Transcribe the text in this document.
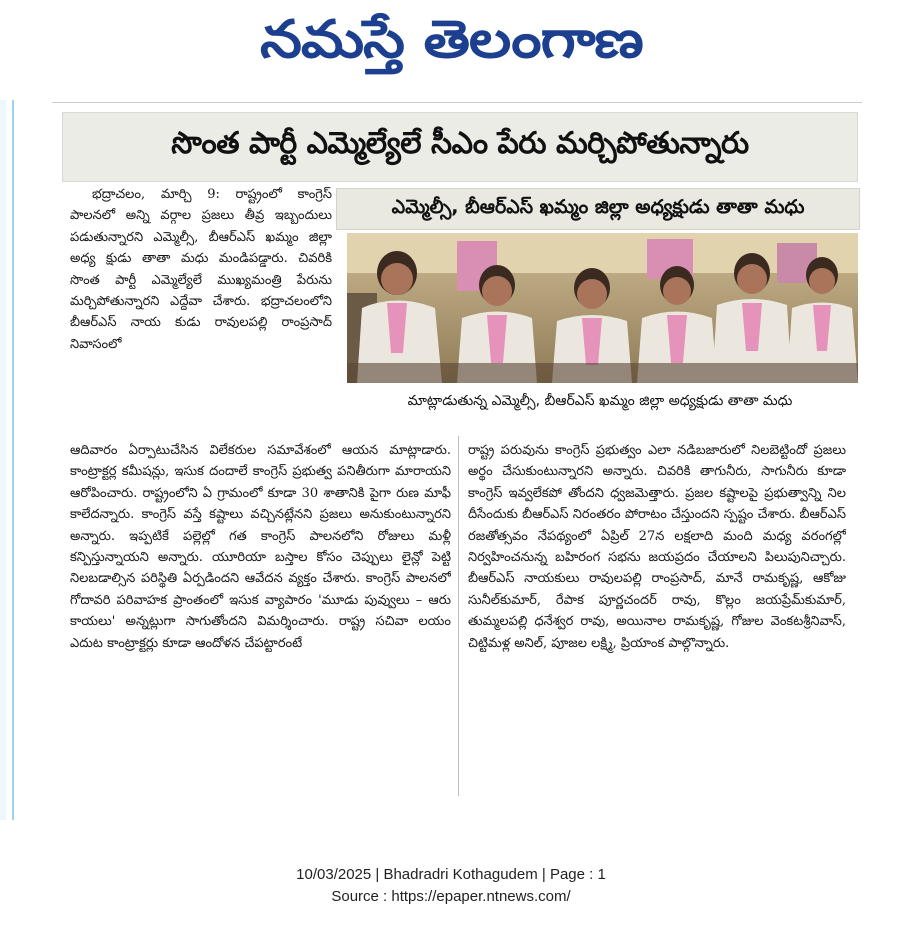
నమస్తే తెలంగాణ
సొంత పార్టీ ఎమ్మెల్యేలే సీఎం పేరు మర్చిపోతున్నారు

భద్రాచలం, మార్చి 9: రాష్ట్రంలో కాంగ్రెస్ పాలనలో అన్ని వర్గాల ప్రజలు తీవ్ర ఇబ్బందులు పడుతున్నారని ఎమ్మెల్సీ, బీఆర్ఎస్ ఖమ్మం జిల్లా అధ్య క్షుడు తాతా మధు మండిపడ్డారు. చివరికి సొంత పార్టీ ఎమ్మెల్యేలే ముఖ్యమంత్రి పేరును మర్చిపోతున్నారని ఎద్దేవా చేశారు. భద్రాచలంలోని బీఆర్ఎస్ నాయ కుడు రావులపల్లి రాంప్రసాద్ నివాసంలో

ఎమ్మెల్సీ, బీఆర్ఎస్ ఖమ్మం జిల్లా అధ్యక్షుడు తాతా మధు
మాట్లాడుతున్న ఎమ్మెల్సీ, బీఆర్ఎస్ ఖమ్మం జిల్లా అధ్యక్షుడు తాతా మధు

ఆదివారం ఏర్పాటుచేసిన విలేకరుల సమావేశంలో ఆయన మాట్లాడారు. కాంట్రాక్టర్ల కమీషన్లు, ఇసుక దందాలే కాంగ్రెస్ ప్రభుత్వ పనితీరుగా మారాయని ఆరోపించారు. రాష్ట్రంలోని ఏ గ్రామంలో కూడా 30 శాతానికి పైగా రుణ మాఫీ కాలేదన్నారు. కాంగ్రెస్ వస్తే కష్టాలు వచ్చినట్లేనని ప్రజలు అనుకుంటున్నారని అన్నారు. ఇప్పటికే పల్లెల్లో గత కాంగ్రెస్ పాలనలోని రోజులు మళ్లీ కన్పిస్తున్నాయని అన్నారు. యూరియా బస్తాల కోసం చెప్పులు లైన్లో పెట్టి నిలబడాల్సిన పరిస్థితి ఏర్పడిందని ఆవేదన వ్యక్తం చేశారు. కాంగ్రెస్ పాలనలో గోదావరి పరివాహక ప్రాంతంలో ఇసుక వ్యాపారం 'మూడు పువ్వులు – ఆరు కాయలు' అన్నట్లుగా సాగుతోందని విమర్శించారు. రాష్ట్ర సచివా లయం ఎదుట కాంట్రాక్టర్లు కూడా ఆందోళన చేపట్టారంటే

రాష్ట్ర పరువును కాంగ్రెస్ ప్రభుత్వం ఎలా నడిబజారులో నిలబెట్టిందో ప్రజలు అర్థం చేసుకుంటున్నారని అన్నారు. చివరికి తాగునీరు, సాగునీరు కూడా కాంగ్రెస్ ఇవ్వలేకపో తోందని ధ్వజమెత్తారు. ప్రజల కష్టాలపై ప్రభుత్వాన్ని నిల దీసేందుకు బీఆర్ఎస్ నిరంతరం పోరాటం చేస్తుందని స్పష్టం చేశారు. బీఆర్ఎస్ రజతోత్సవం నేపథ్యంలో ఏప్రిల్ 27న లక్షలాది మంది మధ్య వరంగల్లో నిర్వహించనున్న బహిరంగ సభను జయప్రదం చేయాలని పిలుపునిచ్చారు. బీఆర్ఎస్ నాయకులు రావులపల్లి రాంప్రసాద్, మానే రామకృష్ణ, ఆకోజు సునీల్‌కుమార్, రేపాక పూర్ణచందర్ రావు, కొల్లం జయప్రేమ్‌కుమార్, తుమ్మలపల్లి ధనేశ్వర రావు, అయినాల రామకృష్ణ, గోజుల వెంకటశ్రీనివాస్, చిట్టిమళ్ల అనిల్, పూజల లక్ష్మి, ప్రియాంక పాల్గొన్నారు.

10/03/2025 | Bhadradri Kothagudem | Page : 1
Source : https://epaper.ntnews.com/
